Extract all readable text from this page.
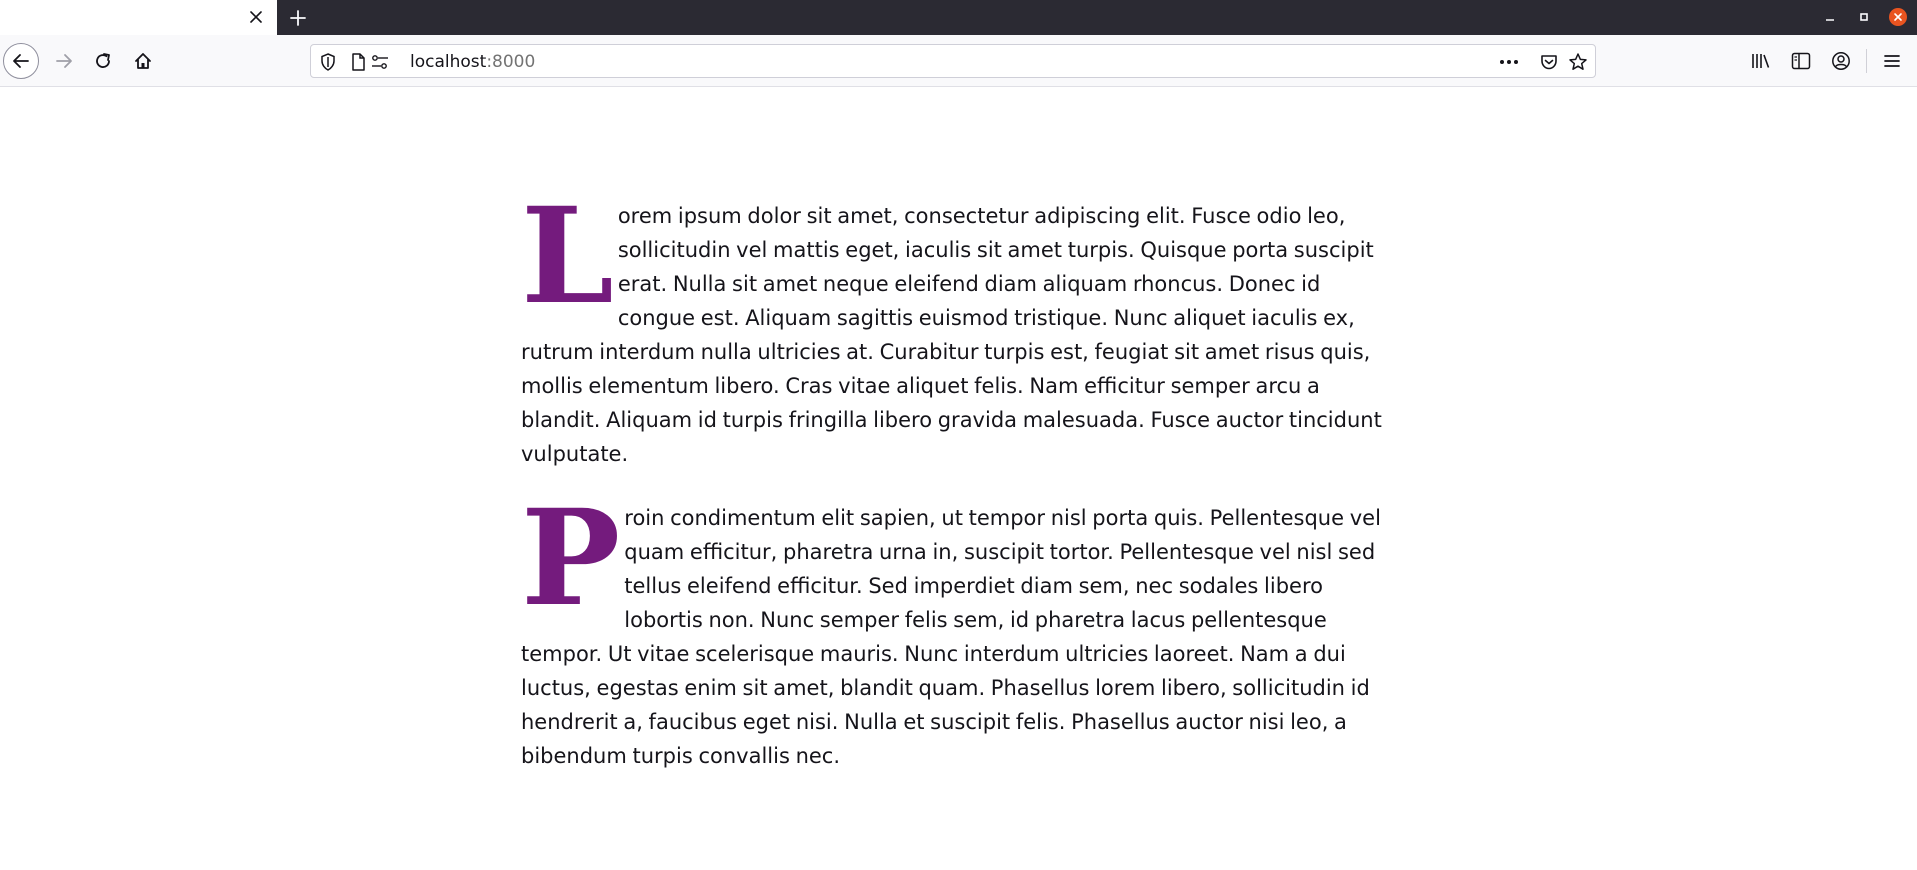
localhost:8000

Lorem ipsum dolor sit amet, consectetur adipiscing elit. Fusce odio leo, sollicitudin vel mattis eget, iaculis sit amet turpis. Quisque porta suscipit erat. Nulla sit amet neque eleifend diam aliquam rhoncus. Donec id congue est. Aliquam sagittis euismod tristique. Nunc aliquet iaculis ex, rutrum interdum nulla ultricies at. Curabitur turpis est, feugiat sit amet risus quis, mollis elementum libero. Cras vitae aliquet felis. Nam efficitur semper arcu a blandit. Aliquam id turpis fringilla libero gravida malesuada. Fusce auctor tincidunt vulputate.

Proin condimentum elit sapien, ut tempor nisl porta quis. Pellentesque vel quam efficitur, pharetra urna in, suscipit tortor. Pellentesque vel nisl sed tellus eleifend efficitur. Sed imperdiet diam sem, nec sodales libero lobortis non. Nunc semper felis sem, id pharetra lacus pellentesque tempor. Ut vitae scelerisque mauris. Nunc interdum ultricies laoreet. Nam a dui luctus, egestas enim sit amet, blandit quam. Phasellus lorem libero, sollicitudin id hendrerit a, faucibus eget nisi. Nulla et suscipit felis. Phasellus auctor nisi leo, a bibendum turpis convallis nec.
